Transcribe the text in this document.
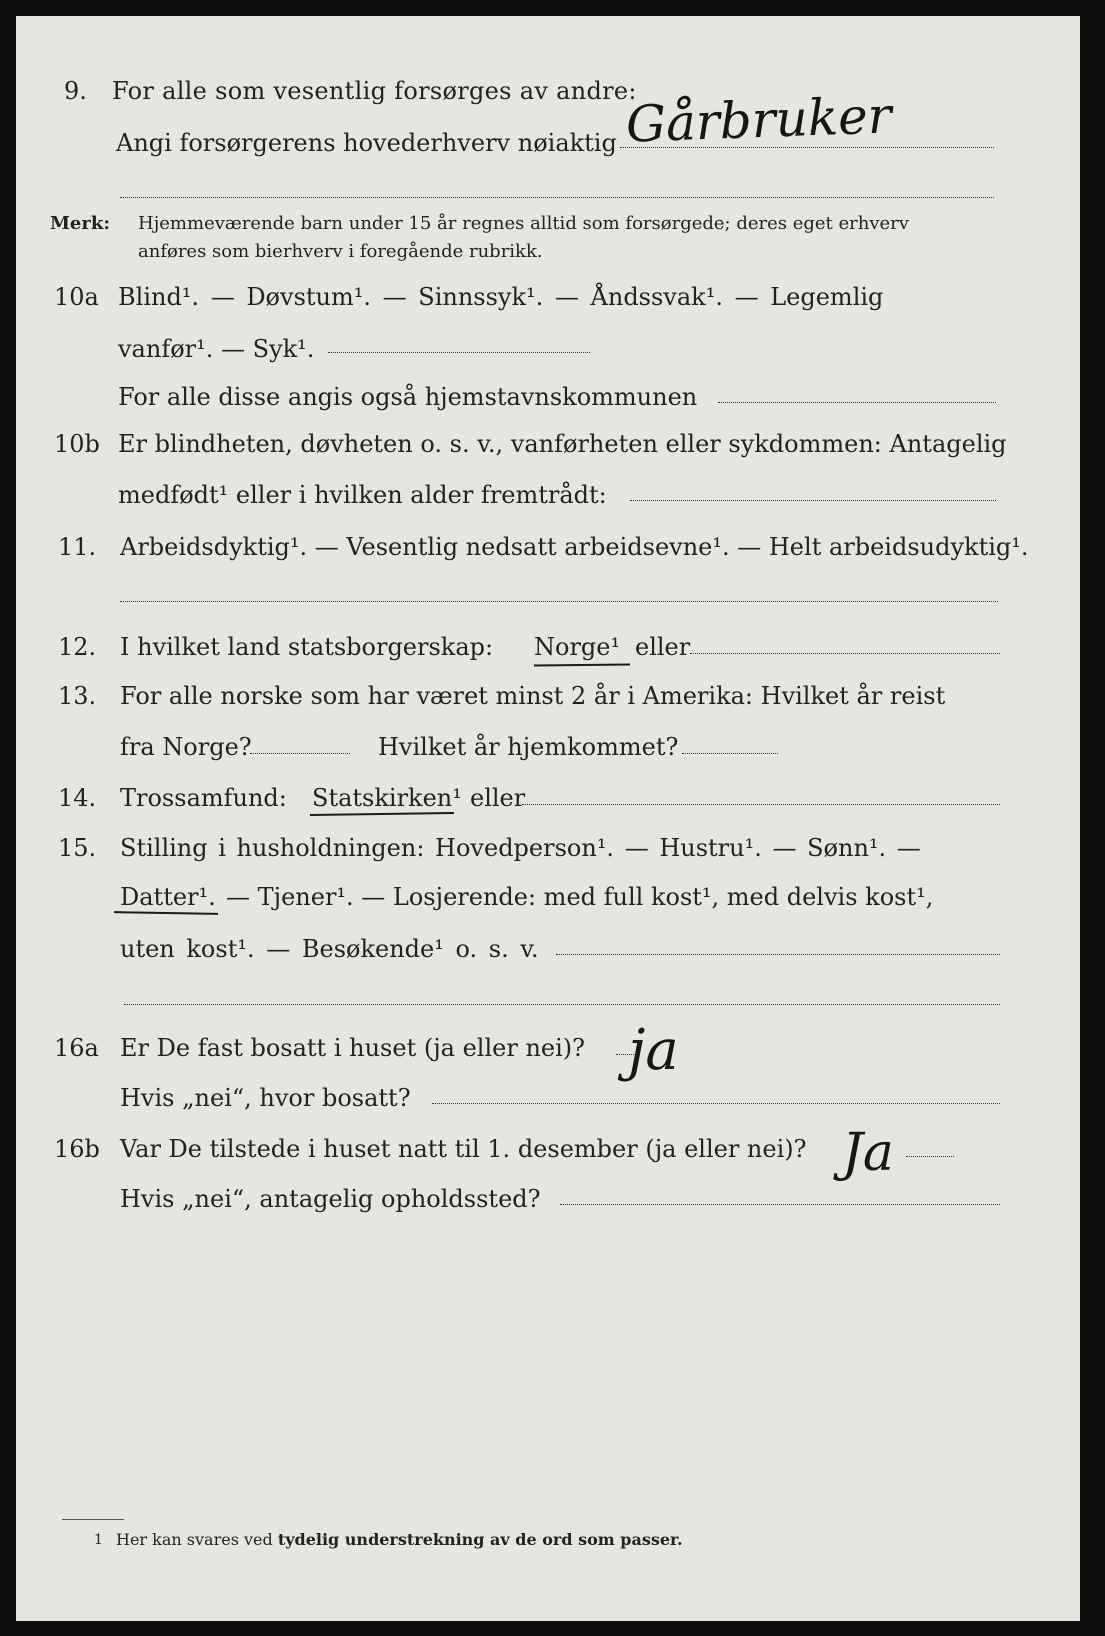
9. For alle som vesentlig forsørges av andre:
Angi forsørgerens hovederhverv nøiaktig Gårbruker
Merk: Hjemmeværende barn under 15 år regnes alltid som forsørgede; deres eget erhverv
anføres som bierhverv i foregående rubrikk.
10a Blind¹. — Døvstum¹. — Sinnssyk¹. — Åndssvak¹. — Legemlig
vanfør¹. — Syk¹.
For alle disse angis også hjemstavnskommunen
10b Er blindheten, døvheten o. s. v., vanførheten eller sykdommen: Antagelig
medfødt¹ eller i hvilken alder fremtrådt:
11. Arbeidsdyktig¹. — Vesentlig nedsatt arbeidsevne¹. — Helt arbeidsudyktig¹.
12. I hvilket land statsborgerskap: Norge¹ eller
13. For alle norske som har været minst 2 år i Amerika: Hvilket år reist
fra Norge?	Hvilket år hjemkommet?
14. Trossamfund: Statskirken¹ eller
15. Stilling i husholdningen: Hovedperson¹. — Hustru¹. — Sønn¹. —
Datter¹. — Tjener¹. — Losjerende: med full kost¹, med delvis kost¹,
uten kost¹. — Besøkende¹ o. s. v.
16a Er De fast bosatt i huset (ja eller nei)? ja
Hvis „nei“, hvor bosatt?
16b Var De tilstede i huset natt til 1. desember (ja eller nei)? Ja
Hvis „nei“, antagelig opholdssted?
1 Her kan svares ved tydelig understrekning av de ord som passer.
